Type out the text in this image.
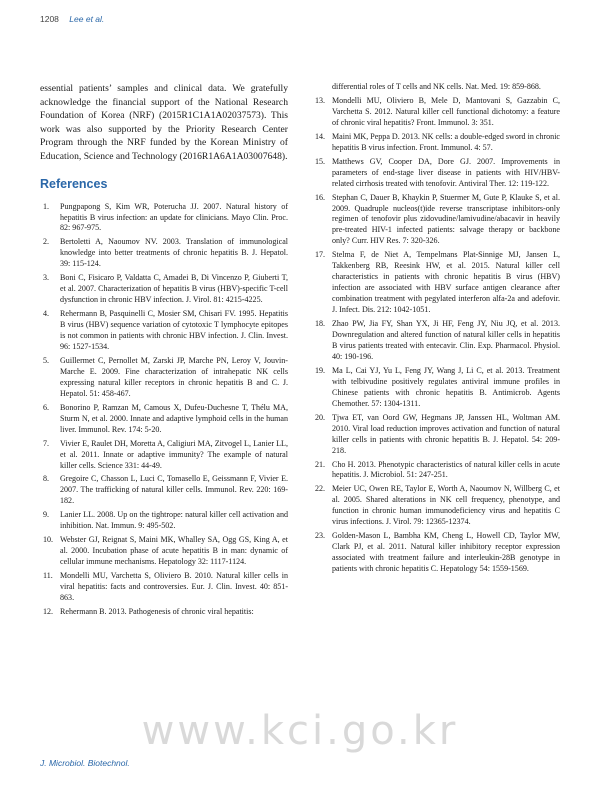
1208 Lee et al.

essential patients’ samples and clinical data. We gratefully acknowledge the financial support of the National Research Foundation of Korea (NRF) (2015R1C1A1A02037573). This work was also supported by the Priority Research Center Program through the NRF funded by the Korean Ministry of Education, Science and Technology (2016R1A6A1A03007648).

References
1. Pungpapong S, Kim WR, Poterucha JJ. 2007. Natural history of hepatitis B virus infection: an update for clinicians. Mayo Clin. Proc. 82: 967-975.
2. Bertoletti A, Naoumov NV. 2003. Translation of immunological knowledge into better treatments of chronic hepatitis B. J. Hepatol. 39: 115-124.
3. Boni C, Fisicaro P, Valdatta C, Amadei B, Di Vincenzo P, Giuberti T, et al. 2007. Characterization of hepatitis B virus (HBV)-specific T-cell dysfunction in chronic HBV infection. J. Virol. 81: 4215-4225.
4. Rehermann B, Pasquinelli C, Mosier SM, Chisari FV. 1995. Hepatitis B virus (HBV) sequence variation of cytotoxic T lymphocyte epitopes is not common in patients with chronic HBV infection. J. Clin. Invest. 96: 1527-1534.
5. Guillermet C, Pernollet M, Zarski JP, Marche PN, Leroy V, Jouvin-Marche E. 2009. Fine characterization of intrahepatic NK cells expressing natural killer receptors in chronic hepatitis B and C. J. Hepatol. 51: 458-467.
6. Bonorino P, Ramzan M, Camous X, Dufeu-Duchesne T, Thélu MA, Sturm N, et al. 2000. Innate and adaptive lymphoid cells in the human liver. Immunol. Rev. 174: 5-20.
7. Vivier E, Raulet DH, Moretta A, Caligiuri MA, Zitvogel L, Lanier LL, et al. 2011. Innate or adaptive immunity? The example of natural killer cells. Science 331: 44-49.
8. Gregoire C, Chasson L, Luci C, Tomasello E, Geissmann F, Vivier E. 2007. The trafficking of natural killer cells. Immunol. Rev. 220: 169-182.
9. Lanier LL. 2008. Up on the tightrope: natural killer cell activation and inhibition. Nat. Immun. 9: 495-502.
10. Webster GJ, Reignat S, Maini MK, Whalley SA, Ogg GS, King A, et al. 2000. Incubation phase of acute hepatitis B in man: dynamic of cellular immune mechanisms. Hepatology 32: 1117-1124.
11. Mondelli MU, Varchetta S, Oliviero B. 2010. Natural killer cells in viral hepatitis: facts and controversies. Eur. J. Clin. Invest. 40: 851-863.
12. Rehermann B. 2013. Pathogenesis of chronic viral hepatitis:
differential roles of T cells and NK cells. Nat. Med. 19: 859-868.
13. Mondelli MU, Oliviero B, Mele D, Mantovani S, Gazzabin C, Varchetta S. 2012. Natural killer cell functional dichotomy: a feature of chronic viral hepatitis? Front. Immunol. 3: 351.
14. Maini MK, Peppa D. 2013. NK cells: a double-edged sword in chronic hepatitis B virus infection. Front. Immunol. 4: 57.
15. Matthews GV, Cooper DA, Dore GJ. 2007. Improvements in parameters of end-stage liver disease in patients with HIV/HBV-related cirrhosis treated with tenofovir. Antiviral Ther. 12: 119-122.
16. Stephan C, Dauer B, Khaykin P, Stuermer M, Gute P, Klauke S, et al. 2009. Quadruple nucleos(t)ide reverse transcriptase inhibitors-only regimen of tenofovir plus zidovudine/lamivudine/abacavir in heavily pre-treated HIV-1 infected patients: salvage therapy or backbone only? Curr. HIV Res. 7: 320-326.
17. Stelma F, de Niet A, Tempelmans Plat-Sinnige MJ, Jansen L, Takkenberg RB, Reesink HW, et al. 2015. Natural killer cell characteristics in patients with chronic hepatitis B virus (HBV) infection are associated with HBV surface antigen clearance after combination treatment with pegylated interferon alfa-2a and adefovir. J. Infect. Dis. 212: 1042-1051.
18. Zhao PW, Jia FY, Shan YX, Ji HF, Feng JY, Niu JQ, et al. 2013. Downregulation and altered function of natural killer cells in hepatitis B virus patients treated with entecavir. Clin. Exp. Pharmacol. Physiol. 40: 190-196.
19. Ma L, Cai YJ, Yu L, Feng JY, Wang J, Li C, et al. 2013. Treatment with telbivudine positively regulates antiviral immune profiles in Chinese patients with chronic hepatitis B. Antimicrob. Agents Chemother. 57: 1304-1311.
20. Tjwa ET, van Oord GW, Hegmans JP, Janssen HL, Woltman AM. 2010. Viral load reduction improves activation and function of natural killer cells in patients with chronic hepatitis B. J. Hepatol. 54: 209-218.
21. Cho H. 2013. Phenotypic characteristics of natural killer cells in acute hepatitis. J. Microbiol. 51: 247-251.
22. Meier UC, Owen RE, Taylor E, Worth A, Naoumov N, Willberg C, et al. 2005. Shared alterations in NK cell frequency, phenotype, and function in chronic human immunodeficiency virus and hepatitis C virus infections. J. Virol. 79: 12365-12374.
23. Golden-Mason L, Bambha KM, Cheng L, Howell CD, Taylor MW, Clark PJ, et al. 2011. Natural killer inhibitory receptor expression associated with treatment failure and interleukin-28B genotype in patients with chronic hepatitis C. Hepatology 54: 1559-1569.
www.kci.go.kr
J. Microbiol. Biotechnol.
